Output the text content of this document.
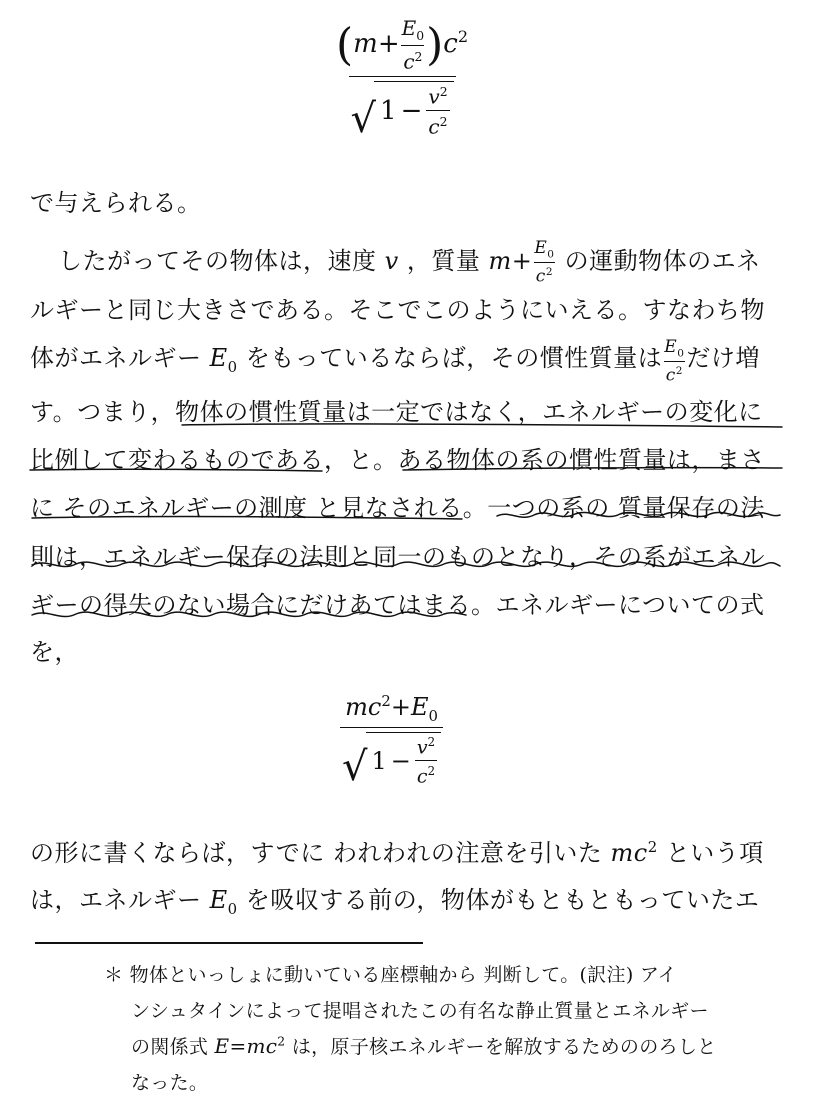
$\frac{(m+ \frac{E_0}{c^2} )c^2}{√ 1 - \frac{v^2}{c^2}}$
で与えられる。
したがってその物体は，速度 v ，質量 $m+ \frac{E_0}{c^2}$ の運動物体のエネ
ルギーと同じ大きさである。そこでこのようにいえる。すなわち物
体がエネルギー $E_0$ をもっているならば，その慣性質量は $\frac{E_0}{c^2}$ だけ増
す。つまり，物体の慣性質量は一定ではなく，エネルギーの変化に
比例して変わるものである，と。ある物体の系の慣性質量は，まさ
に そのエネルギーの測度 と見なされる。一つの系の 質量保存の法
則は，エネルギー保存の法則と同一のものとなり，その系がエネル
ギーの得失のない場合にだけあてはまる。エネルギーについての式
を，
$\frac{mc^2+E_0}{√ 1 - \frac{v^2}{c^2}}$
の形に書くならば，すでに われわれの注意を引いた $mc^2$ という項
は，エネルギー $E_0$ を吸収する前の，物体がもともともっていたエ
＊ 物体といっしょに動いている座標軸から 判断して。(訳注) アイ
ンシュタインによって提唱されたこの有名な静止質量とエネルギー
の関係式 $E=mc^2$ は，原子核エネルギーを解放するためののろしと
なった。
